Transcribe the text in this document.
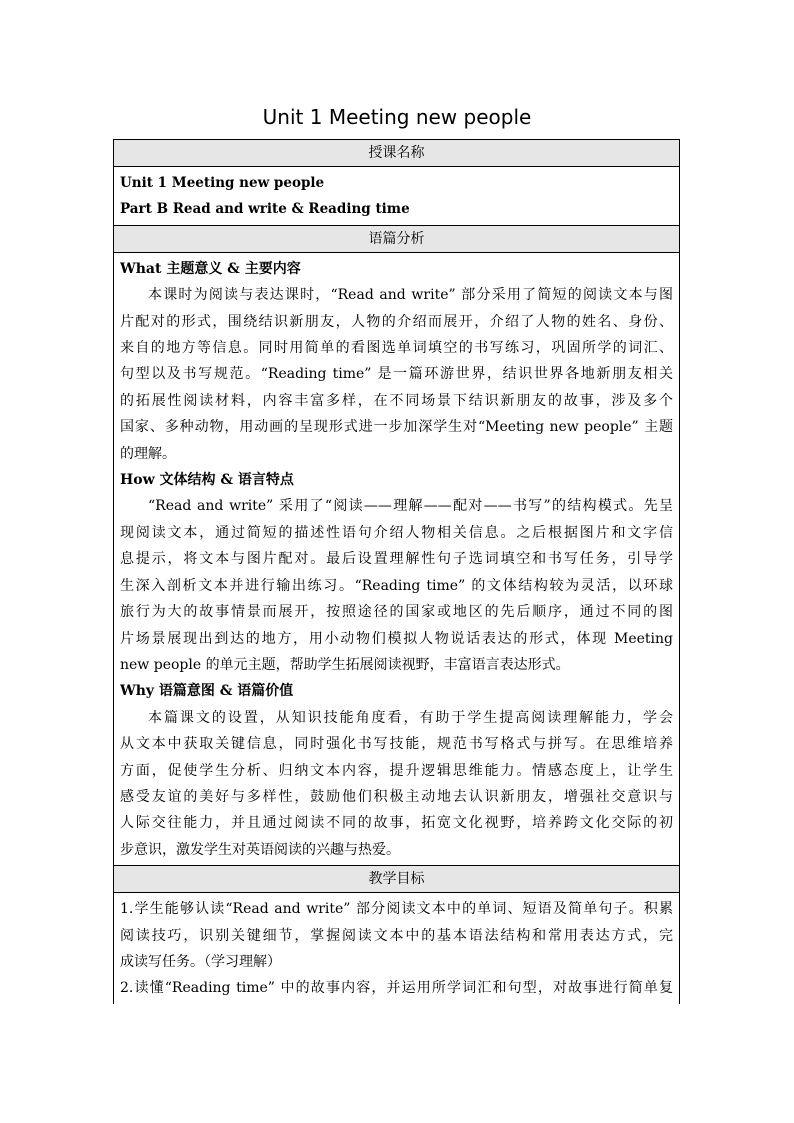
Unit 1 Meeting new people
授课名称
Unit 1 Meeting new people
Part B Read and write & Reading time
语篇分析
What 主题意义 & 主要内容
本课时为阅读与表达课时，“Read and write” 部分采用了简短的阅读文本与图
片配对的形式，围绕结识新朋友，人物的介绍而展开，介绍了人物的姓名、身份、
来自的地方等信息。同时用简单的看图选单词填空的书写练习，巩固所学的词汇、
句型以及书写规范。“Reading time” 是一篇环游世界，结识世界各地新朋友相关
的拓展性阅读材料，内容丰富多样，在不同场景下结识新朋友的故事，涉及多个
国家、多种动物，用动画的呈现形式进一步加深学生对“Meeting new people” 主题
的理解。
How 文体结构 & 语言特点
“Read and write” 采用了“阅读——理解——配对——书写”的结构模式。先呈
现阅读文本，通过简短的描述性语句介绍人物相关信息。之后根据图片和文字信
息提示，将文本与图片配对。最后设置理解性句子选词填空和书写任务，引导学
生深入剖析文本并进行输出练习。“Reading time” 的文体结构较为灵活，以环球
旅行为大的故事情景而展开，按照途径的国家或地区的先后顺序，通过不同的图
片场景展现出到达的地方，用小动物们模拟人物说话表达的形式，体现 Meeting
new people 的单元主题，帮助学生拓展阅读视野，丰富语言表达形式。
Why 语篇意图 & 语篇价值
本篇课文的设置，从知识技能角度看，有助于学生提高阅读理解能力，学会
从文本中获取关键信息，同时强化书写技能，规范书写格式与拼写。在思维培养
方面，促使学生分析、归纳文本内容，提升逻辑思维能力。情感态度上，让学生
感受友谊的美好与多样性，鼓励他们积极主动地去认识新朋友，增强社交意识与
人际交往能力，并且通过阅读不同的故事，拓宽文化视野，培养跨文化交际的初
步意识，激发学生对英语阅读的兴趣与热爱。
教学目标
1.学生能够认读“Read and write” 部分阅读文本中的单词、短语及简单句子。积累
阅读技巧，识别关键细节，掌握阅读文本中的基本语法结构和常用表达方式，完
成读写任务。（学习理解）
2.读懂“Reading time” 中的故事内容，并运用所学词汇和句型，对故事进行简单复
